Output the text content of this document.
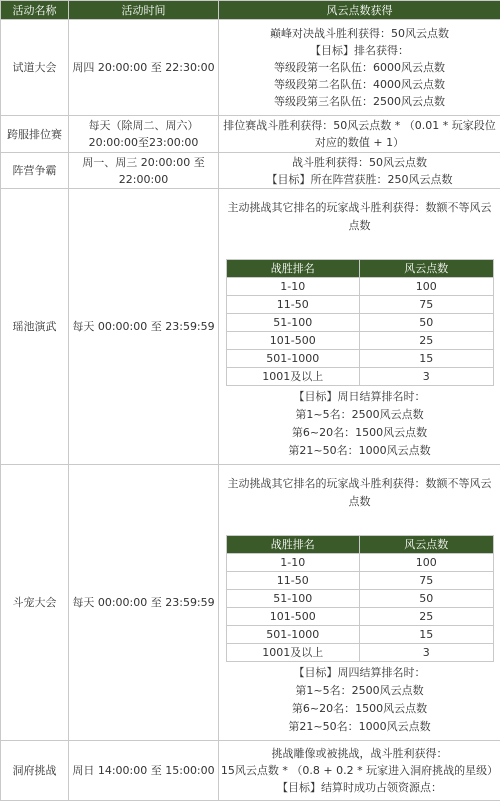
活动名称	活动时间	风云点数获得
试道大会	周四 20:00:00 至 22:30:00	
巅峰对决战斗胜利获得：50风云点数
【目标】排名获得：
等级段第一名队伍：6000风云点数
等级段第二名队伍：4000风云点数
等级段第三名队伍：2500风云点数

跨服排位赛	每天（除周二、周六）20:00:00至23:00:00	
排位赛战斗胜利获得：50风云点数 * （0.01 * 玩家段位对应的数值 + 1）

阵营争霸	周一、周三 20:00:00 至 22:00:00	
战斗胜利获得：50风云点数
【目标】所在阵营获胜：250风云点数

瑶池演武	每天 00:00:00 至 23:59:59	
主动挑战其它排名的玩家战斗胜利获得：数额不等风云点数
战胜排名	风云点数
1-10	100
11-50	75
51-100	50
101-500	25
501-1000	15
1001及以上	3
【目标】周日结算排名时：
第1~5名：2500风云点数
第6~20名：1500风云点数
第21~50名：1000风云点数

斗宠大会	每天 00:00:00 至 23:59:59	
主动挑战其它排名的玩家战斗胜利获得：数额不等风云点数
战胜排名	风云点数
1-10	100
11-50	75
51-100	50
101-500	25
501-1000	15
1001及以上	3
【目标】周四结算排名时：
第1~5名：2500风云点数
第6~20名：1500风云点数
第21~50名：1000风云点数

洞府挑战	周日 14:00:00 至 15:00:00	
挑战雕像或被挑战，战斗胜利获得：
15风云点数 * （0.8 + 0.2 * 玩家进入洞府挑战的星级）
【目标】结算时成功占领资源点：
